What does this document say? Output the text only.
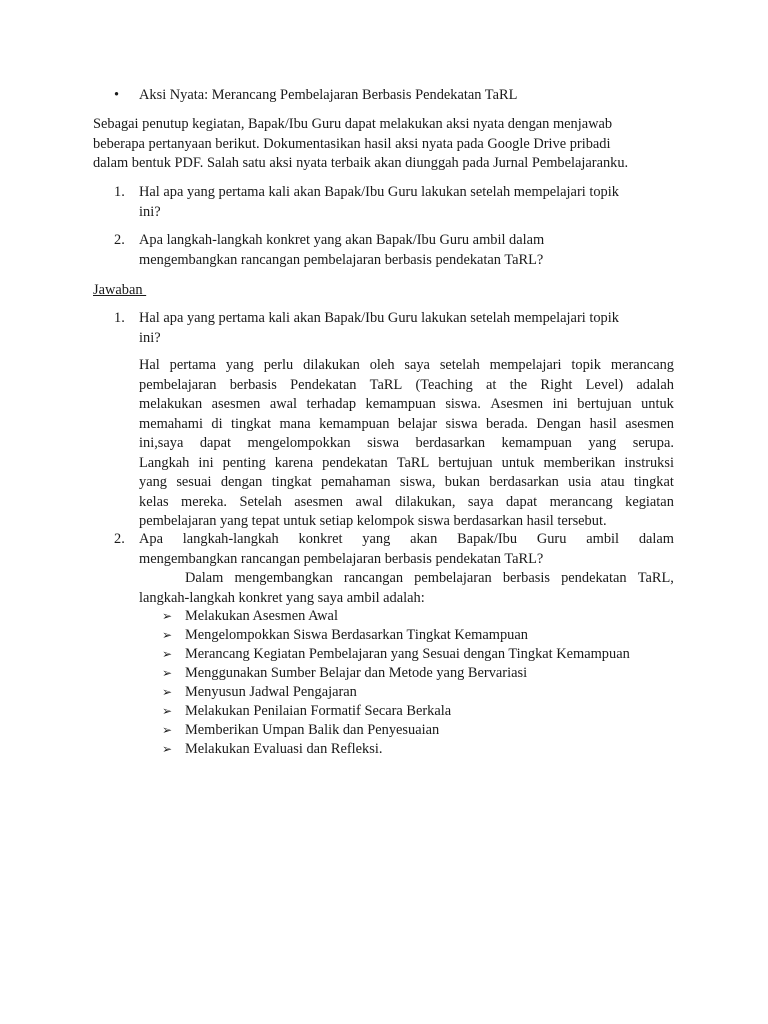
• Aksi Nyata: Merancang Pembelajaran Berbasis Pendekatan TaRL

Sebagai penutup kegiatan, Bapak/Ibu Guru dapat melakukan aksi nyata dengan menjawab

beberapa pertanyaan berikut. Dokumentasikan hasil aksi nyata pada Google Drive pribadi

dalam bentuk PDF. Salah satu aksi nyata terbaik akan diunggah pada Jurnal Pembelajaranku.

1. Hal apa yang pertama kali akan Bapak/Ibu Guru lakukan setelah mempelajari topik

ini?

2. Apa langkah-langkah konkret yang akan Bapak/Ibu Guru ambil dalam

mengembangkan rancangan pembelajaran berbasis pendekatan TaRL?

Jawaban
1. Hal apa yang pertama kali akan Bapak/Ibu Guru lakukan setelah mempelajari topik

ini?

Hal pertama yang perlu dilakukan oleh saya setelah mempelajari topik merancang
pembelajaran berbasis Pendekatan TaRL (Teaching at the Right Level) adalah
melakukan asesmen awal terhadap kemampuan siswa. Asesmen ini bertujuan untuk
memahami di tingkat mana kemampuan belajar siswa berada. Dengan hasil asesmen
ini,saya dapat mengelompokkan siswa berdasarkan kemampuan yang serupa.
Langkah ini penting karena pendekatan TaRL bertujuan untuk memberikan instruksi
yang sesuai dengan tingkat pemahaman siswa, bukan berdasarkan usia atau tingkat
kelas mereka. Setelah asesmen awal dilakukan, saya dapat merancang kegiatan
pembelajaran yang tepat untuk setiap kelompok siswa berdasarkan hasil tersebut.
2. Apa langkah-langkah konkret yang akan Bapak/Ibu Guru ambil dalam

mengembangkan rancangan pembelajaran berbasis pendekatan TaRL?

Dalam mengembangkan rancangan pembelajaran berbasis pendekatan TaRL,
langkah-langkah konkret yang saya ambil adalah:
➢ Melakukan Asesmen Awal
➢ Mengelompokkan Siswa Berdasarkan Tingkat Kemampuan
➢ Merancang Kegiatan Pembelajaran yang Sesuai dengan Tingkat Kemampuan
➢ Menggunakan Sumber Belajar dan Metode yang Bervariasi
➢ Menyusun Jadwal Pengajaran
➢ Melakukan Penilaian Formatif Secara Berkala
➢ Memberikan Umpan Balik dan Penyesuaian
➢ Melakukan Evaluasi dan Refleksi.
